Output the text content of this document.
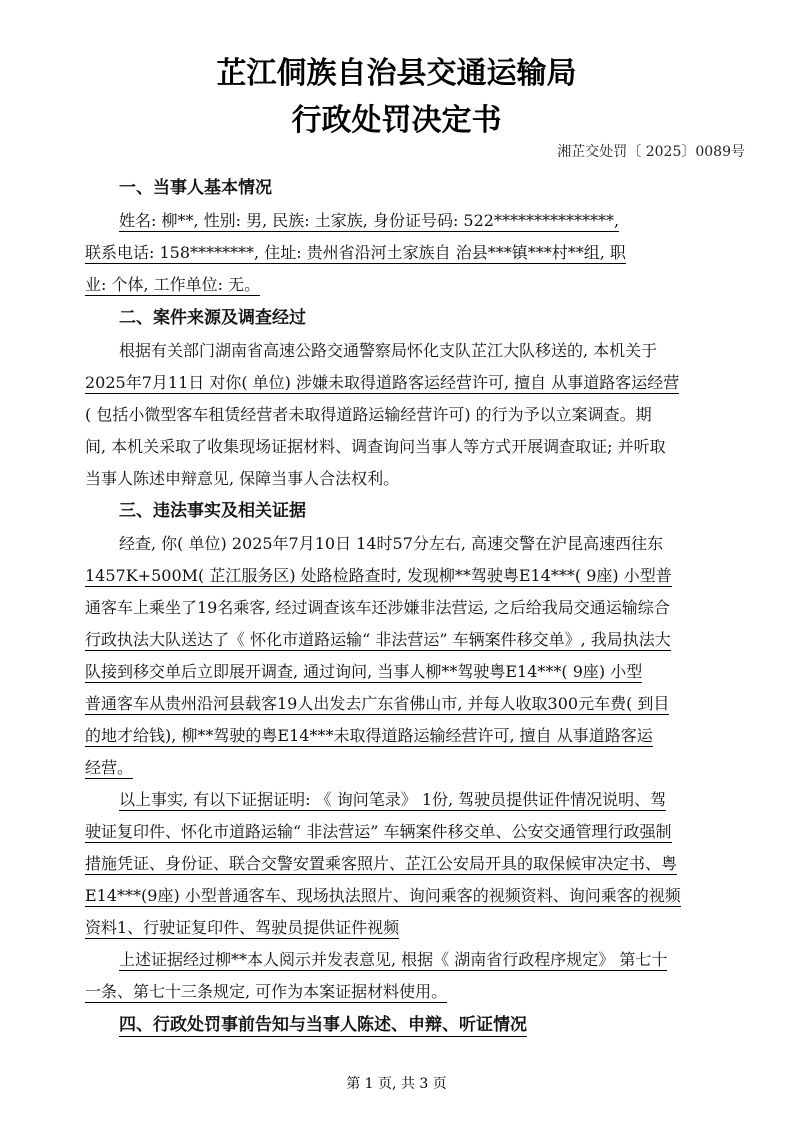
芷江侗族自治县交通运输局
行政处罚决定书
湘芷交处罚〔 2025〕0089号
一、当事人基本情况
姓名: 柳**, 性别: 男, 民族: 土家族, 身份证号码: 522***************,
联系电话: 158********, 住址: 贵州省沿河土家族自 治县***镇***村**组, 职
业: 个体, 工作单位: 无。
二、案件来源及调查经过
根据有关部门湖南省高速公路交通警察局怀化支队芷江大队移送的, 本机关于
2025年7月11日 对你( 单位) 涉嫌未取得道路客运经营许可, 擅自 从事道路客运经营
( 包括小微型客车租赁经营者未取得道路运输经营许可) 的行为予以立案调查。期
间, 本机关采取了收集现场证据材料、调查询问当事人等方式开展调查取证; 并听取
当事人陈述申辩意见, 保障当事人合法权利。
三、违法事实及相关证据
经查, 你( 单位) 2025年7月10日 14时57分左右, 高速交警在沪昆高速西往东
1457K+500M( 芷江服务区) 处路检路查时, 发现柳**驾驶粤E14***( 9座) 小型普
通客车上乘坐了19名乘客, 经过调查该车还涉嫌非法营运, 之后给我局交通运输综合
行政执法大队送达了《 怀化市道路运输“ 非法营运” 车辆案件移交单》, 我局执法大
队接到移交单后立即展开调查, 通过询问, 当事人柳**驾驶粤E14***( 9座) 小型
普通客车从贵州沿河县载客19人出发去广东省佛山市, 并每人收取300元车费( 到目
的地才给钱), 柳**驾驶的粤E14***未取得道路运输经营许可, 擅自 从事道路客运
经营。
以上事实, 有以下证据证明: 《 询问笔录》 1份, 驾驶员提供证件情况说明、驾
驶证复印件、怀化市道路运输“ 非法营运” 车辆案件移交单、公安交通管理行政强制
措施凭证、身份证、联合交警安置乘客照片、芷江公安局开具的取保候审决定书、粤
E14***(9座) 小型普通客车、现场执法照片、询问乘客的视频资料、询问乘客的视频
资料1、行驶证复印件、驾驶员提供证件视频
上述证据经过柳**本人阅示并发表意见, 根据《 湖南省行政程序规定》 第七十
一条、第七十三条规定, 可作为本案证据材料使用。
四、行政处罚事前告知与当事人陈述、申辩、听证情况
第 1 页, 共 3 页
